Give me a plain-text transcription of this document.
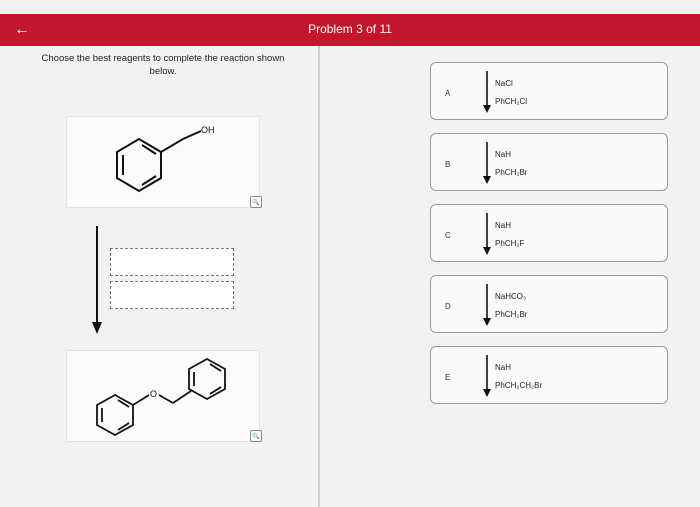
←	Problem 3 of 11
Choose the best reagents to complete the reaction shown below.
OH
🔍
O
🔍
A
NaCl
PhCH₂Cl
B
NaH
PhCH₂Br
C
NaH
PhCH₂F
D
NaHCO₃
PhCH₂Br
E
NaH
PhCH₂CH₂Br
